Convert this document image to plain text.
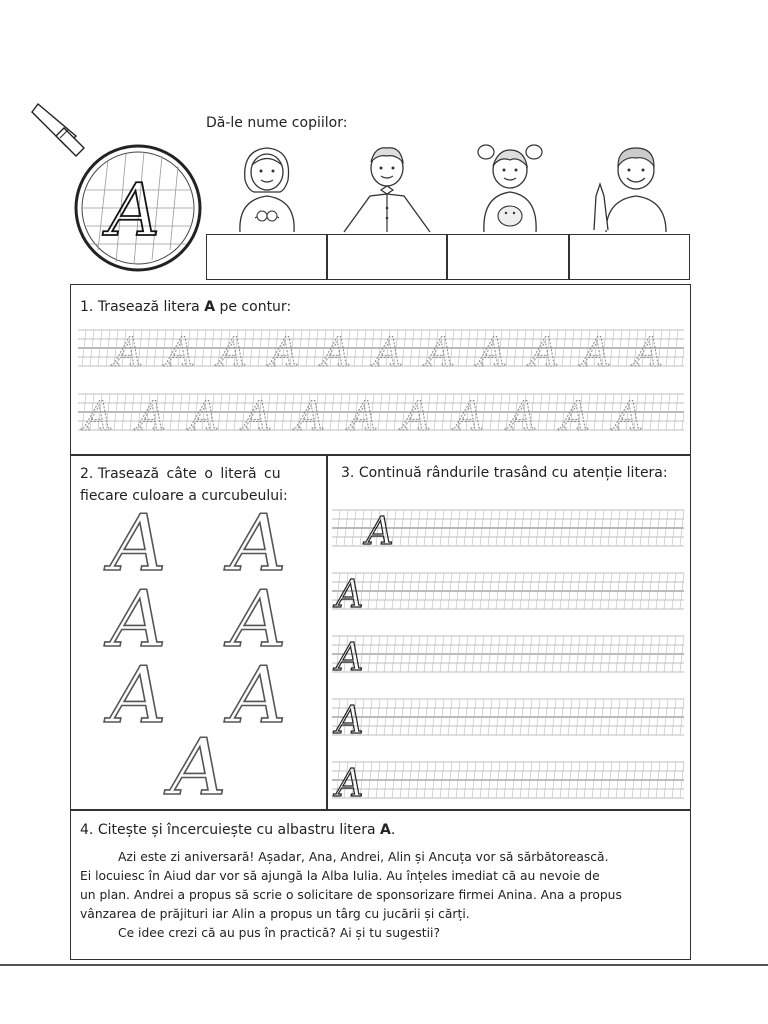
A
Dă-le nume copiilor:
1. Trasează litera A pe contur:
A A A A A A A A A A A
A A A A A A A A A A A
2. Trasează câte o literă cu
fiecare culoare a curcubeului:
A A
A A
A A
A
3. Continuă rândurile trasând cu atenție litera:
A
A
A
A
A
4. Citește și încercuiește cu albastru litera A.
Azi este zi aniversară! Așadar, Ana, Andrei, Alin și Ancuța vor să sărbătorească.
Ei locuiesc în Aiud dar vor să ajungă la Alba Iulia. Au înțeles imediat că au nevoie de
un plan. Andrei a propus să scrie o solicitare de sponsorizare firmei Anina. Ana a propus
vânzarea de prăjituri iar Alin a propus un târg cu jucării și cărți.
Ce idee crezi că au pus în practică? Ai și tu sugestii?
